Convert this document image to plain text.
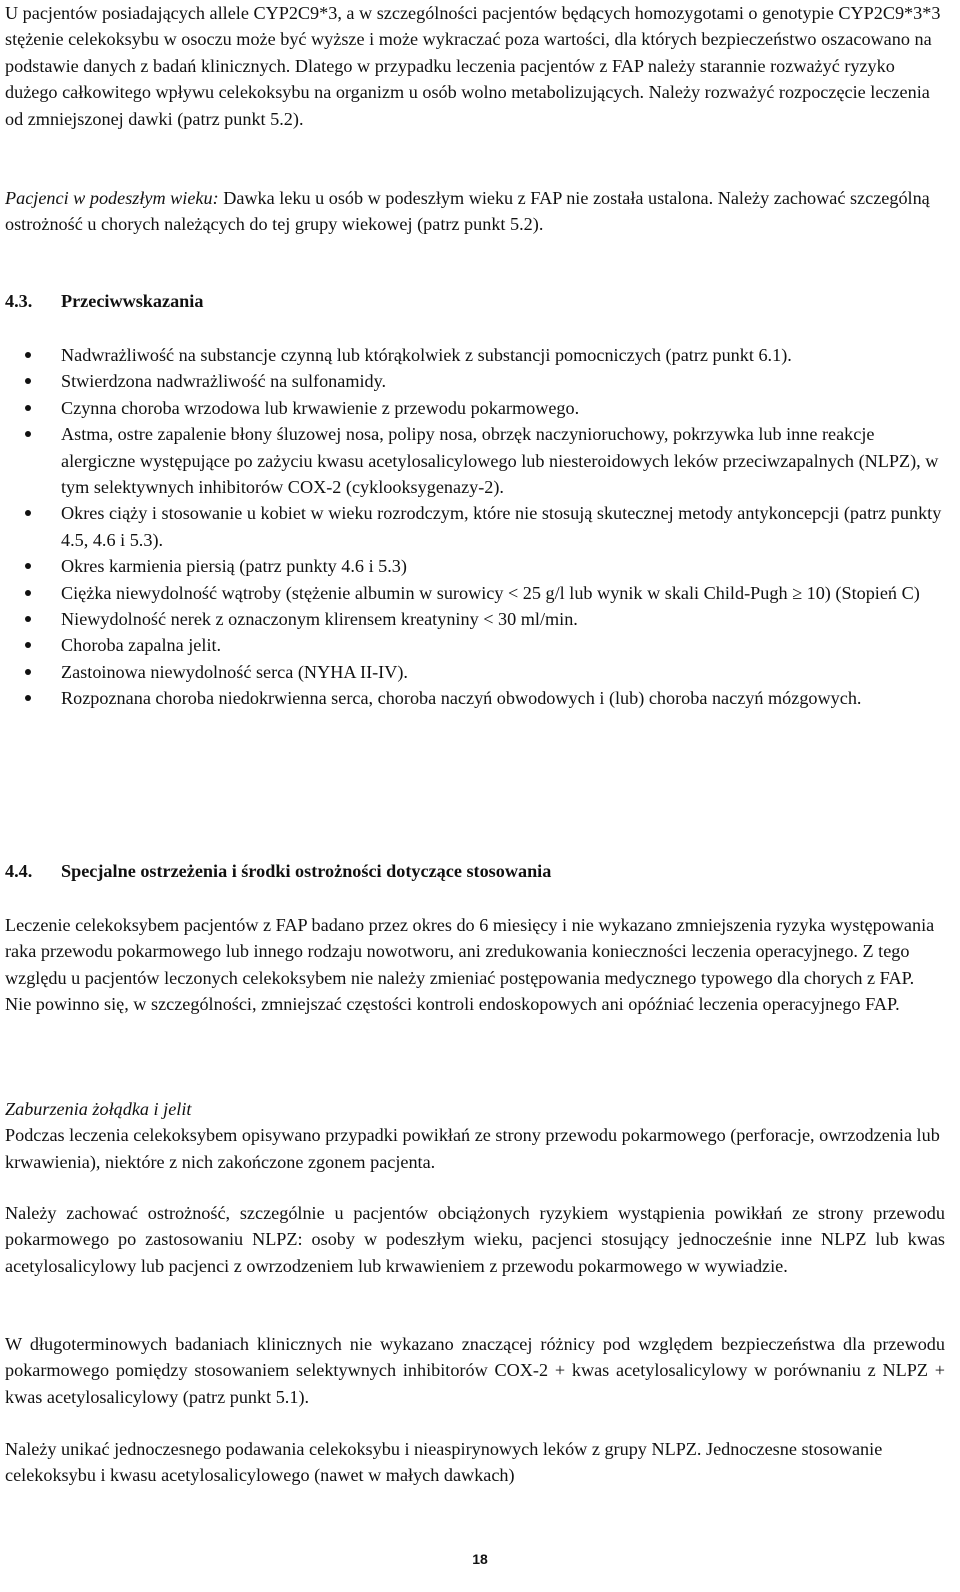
U pacjentów posiadających allele CYP2C9*3, a w szczególności pacjentów będących homozygotami o genotypie CYP2C9*3*3 stężenie celekoksybu w osoczu może być wyższe i może wykraczać poza wartości, dla których bezpieczeństwo oszacowano na podstawie danych z badań klinicznych. Dlatego w przypadku leczenia pacjentów z FAP należy starannie rozważyć ryzyko dużego całkowitego wpływu celekoksybu na organizm u osób wolno metabolizujących. Należy rozważyć rozpoczęcie leczenia od zmniejszonej dawki (patrz punkt 5.2).

Pacjenci w podeszłym wieku: Dawka leku u osób w podeszłym wieku z FAP nie została ustalona. Należy zachować szczególną ostrożność u chorych należących do tej grupy wiekowej (patrz punkt 5.2).

4.3.	Przeciwwskazania
Nadwrażliwość na substancje czynną lub którąkolwiek z substancji pomocniczych (patrz punkt 6.1).
Stwierdzona nadwrażliwość na sulfonamidy.
Czynna choroba wrzodowa lub krwawienie z przewodu pokarmowego.
Astma, ostre zapalenie błony śluzowej nosa, polipy nosa, obrzęk naczynioruchowy, pokrzywka lub inne reakcje alergiczne występujące po zażyciu kwasu acetylosalicylowego lub niesteroidowych leków przeciwzapalnych (NLPZ), w tym selektywnych inhibitorów COX-2 (cyklooksygenazy-2).
Okres ciąży i stosowanie u kobiet w wieku rozrodczym, które nie stosują skutecznej metody antykoncepcji (patrz punkty 4.5, 4.6 i 5.3).
Okres karmienia piersią (patrz punkty 4.6 i 5.3)
Ciężka niewydolność wątroby (stężenie albumin w surowicy < 25 g/l lub wynik w skali Child-Pugh ≥ 10) (Stopień C)
Niewydolność nerek z oznaczonym klirensem kreatyniny < 30 ml/min.
Choroba zapalna jelit.
Zastoinowa niewydolność serca (NYHA II-IV).
Rozpoznana choroba niedokrwienna serca, choroba naczyń obwodowych i (lub) choroba naczyń mózgowych.
4.4.	Specjalne ostrzeżenia i środki ostrożności dotyczące stosowania

Leczenie celekoksybem pacjentów z FAP badano przez okres do 6 miesięcy i nie wykazano zmniejszenia ryzyka występowania raka przewodu pokarmowego lub innego rodzaju nowotworu, ani zredukowania konieczności leczenia operacyjnego. Z tego względu u pacjentów leczonych celekoksybem nie należy zmieniać postępowania medycznego typowego dla chorych z FAP. Nie powinno się, w szczególności, zmniejszać częstości kontroli endoskopowych ani opóźniać leczenia operacyjnego FAP.

Zaburzenia żołądka i jelit

Podczas leczenia celekoksybem opisywano przypadki powikłań ze strony przewodu pokarmowego (perforacje, owrzodzenia lub krwawienia), niektóre z nich zakończone zgonem pacjenta.

Należy zachować ostrożność, szczególnie u pacjentów obciążonych ryzykiem wystąpienia powikłań ze strony przewodu pokarmowego po zastosowaniu NLPZ: osoby w podeszłym wieku, pacjenci stosujący jednocześnie inne NLPZ lub kwas acetylosalicylowy lub pacjenci z owrzodzeniem lub krwawieniem z przewodu pokarmowego w wywiadzie.

W długoterminowych badaniach klinicznych nie wykazano znaczącej różnicy pod względem bezpieczeństwa dla przewodu pokarmowego pomiędzy stosowaniem selektywnych inhibitorów COX-2 + kwas acetylosalicylowy w porównaniu z NLPZ + kwas acetylosalicylowy (patrz punkt 5.1).

Należy unikać jednoczesnego podawania celekoksybu i nieaspirynowych leków z grupy NLPZ. Jednoczesne stosowanie celekoksybu i kwasu acetylosalicylowego (nawet w małych dawkach)

18
